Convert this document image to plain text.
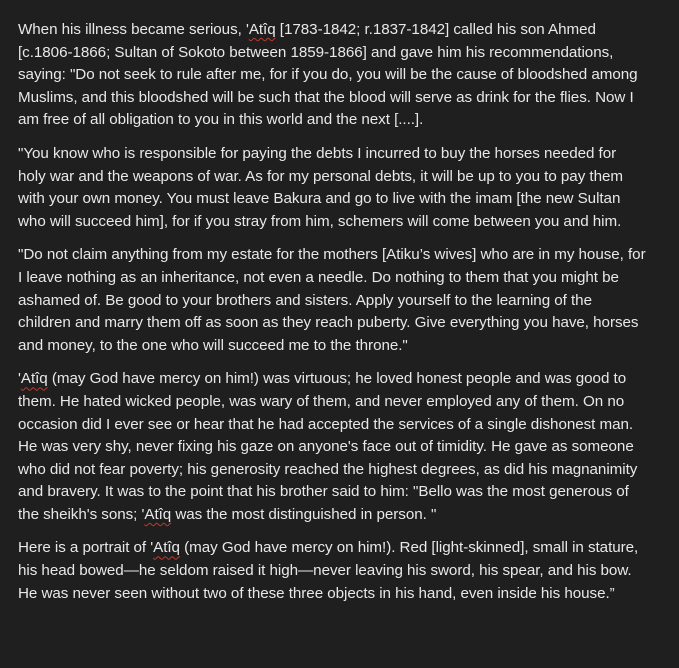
When his illness became serious, 'Atîq [1783-1842; r.1837-1842] called his son Ahmed [c.1806-1866; Sultan of Sokoto between 1859-1866] and gave him his recommendations, saying: "Do not seek to rule after me, for if you do, you will be the cause of bloodshed among Muslims, and this bloodshed will be such that the blood will serve as drink for the flies. Now I am free of all obligation to you in this world and the next [....].

"You know who is responsible for paying the debts I incurred to buy the horses needed for holy war and the weapons of war. As for my personal debts, it will be up to you to pay them with your own money. You must leave Bakura and go to live with the imam [the new Sultan who will succeed him], for if you stray from him, schemers will come between you and him.

"Do not claim anything from my estate for the mothers [Atiku’s wives] who are in my house, for I leave nothing as an inheritance, not even a needle. Do nothing to them that you might be ashamed of. Be good to your brothers and sisters. Apply yourself to the learning of the children and marry them off as soon as they reach puberty. Give everything you have, horses and money, to the one who will succeed me to the throne."

'Atîq (may God have mercy on him!) was virtuous; he loved honest people and was good to them. He hated wicked people, was wary of them, and never employed any of them. On no occasion did I ever see or hear that he had accepted the services of a single dishonest man. He was very shy, never fixing his gaze on anyone's face out of timidity. He gave as someone who did not fear poverty; his generosity reached the highest degrees, as did his magnanimity and bravery. It was to the point that his brother said to him: "Bello was the most generous of the sheikh's sons; 'Atîq was the most distinguished in person. "

Here is a portrait of 'Atîq (may God have mercy on him!). Red [light-skinned], small in stature, his head bowed—he seldom raised it high—never leaving his sword, his spear, and his bow. He was never seen without two of these three objects in his hand, even inside his house.”
